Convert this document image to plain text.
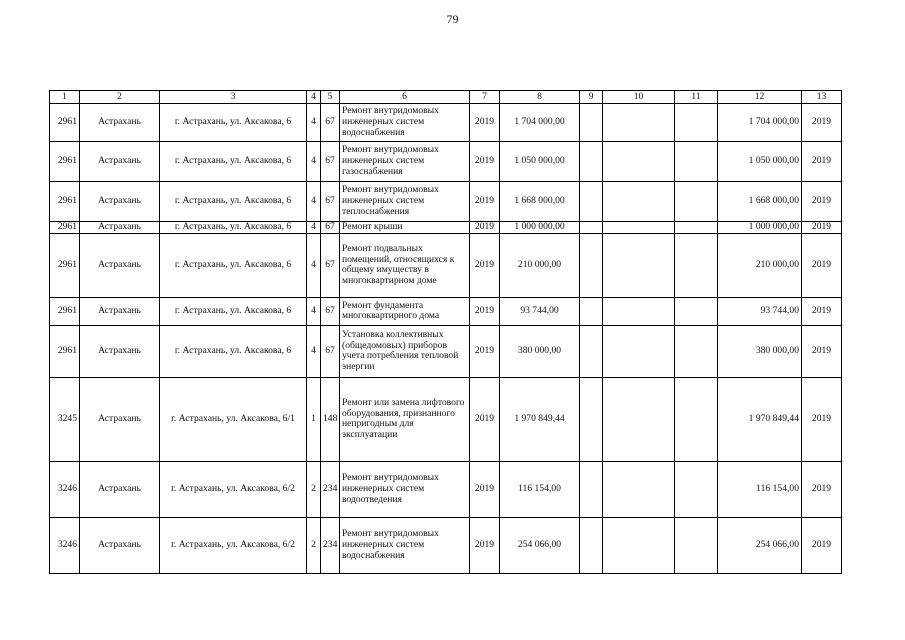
79
1	2	3	4	5	6	7	8	9	10	11	12	13
2961	Астрахань	г. Астрахань, ул. Аксакова, 6	4	67	Ремонт внутридомовых инженерных систем водоснабжения	2019	1 704 000,00				1 704 000,00	2019
2961	Астрахань	г. Астрахань, ул. Аксакова, 6	4	67	Ремонт внутридомовых инженерных систем газоснабжения	2019	1 050 000,00				1 050 000,00	2019
2961	Астрахань	г. Астрахань, ул. Аксакова, 6	4	67	Ремонт внутридомовых инженерных систем теплоснабжения	2019	1 668 000,00				1 668 000,00	2019
2961	Астрахань	г. Астрахань, ул. Аксакова, 6	4	67	Ремонт крыши	2019	1 000 000,00				1 000 000,00	2019
2961	Астрахань	г. Астрахань, ул. Аксакова, 6	4	67	Ремонт подвальных помещений, относящихся к общему имуществу в многоквартирном доме	2019	210 000,00				210 000,00	2019
2961	Астрахань	г. Астрахань, ул. Аксакова, 6	4	67	Ремонт фундамента многоквартирного дома	2019	93 744,00				93 744,00	2019
2961	Астрахань	г. Астрахань, ул. Аксакова, 6	4	67	Установка коллективных (общедомовых) приборов учета потребления тепловой энергии	2019	380 000,00				380 000,00	2019
3245	Астрахань	г. Астрахань, ул. Аксакова, 6/1	1	148	Ремонт или замена лифтового оборудования, признанного непригодным для эксплуатации	2019	1 970 849,44				1 970 849,44	2019
3246	Астрахань	г. Астрахань, ул. Аксакова, 6/2	2	234	Ремонт внутридомовых инженерных систем водоотведения	2019	116 154,00				116 154,00	2019
3246	Астрахань	г. Астрахань, ул. Аксакова, 6/2	2	234	Ремонт внутридомовых инженерных систем водоснабжения	2019	254 066,00				254 066,00	2019
